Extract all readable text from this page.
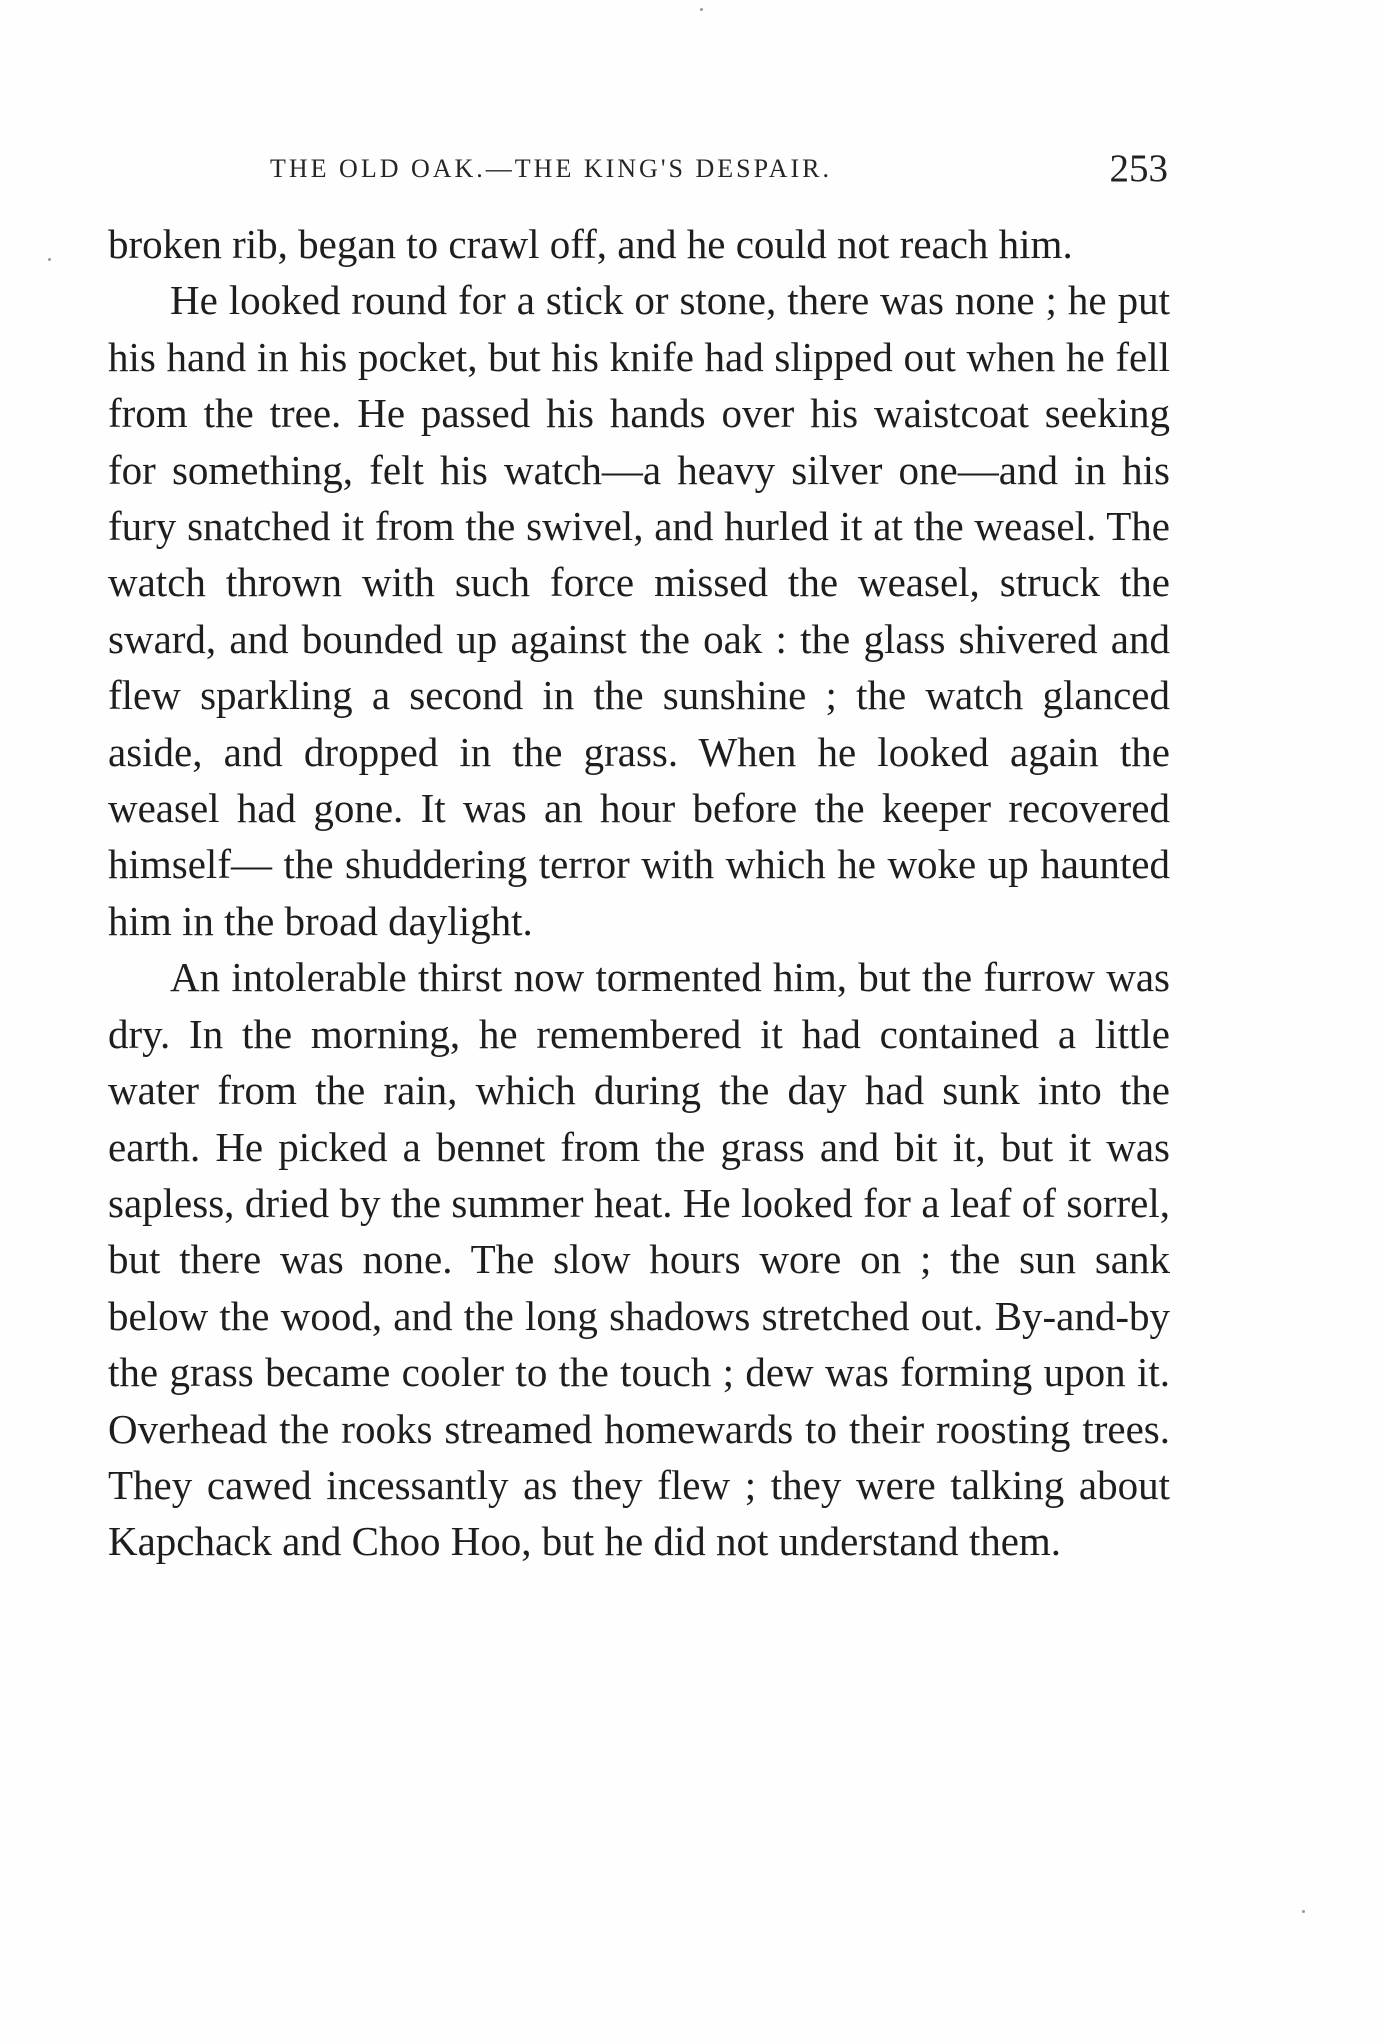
THE OLD OAK.—THE KING'S DESPAIR.	253

broken rib, began to crawl off, and he could not reach him.

He looked round for a stick or stone, there was none ; he put his hand in his pocket, but his knife had slipped out when he fell from the tree. He passed his hands over his waistcoat seeking for something, felt his watch—a heavy silver one—and in his fury snatched it from the swivel, and hurled it at the weasel. The watch thrown with such force missed the weasel, struck the sward, and bounded up against the oak : the glass shivered and flew sparkling a second in the sunshine ; the watch glanced aside, and dropped in the grass. When he looked again the weasel had gone. It was an hour before the keeper recovered himself— the shuddering terror with which he woke up haunted him in the broad daylight.

An intolerable thirst now tormented him, but the furrow was dry. In the morning, he remembered it had contained a little water from the rain, which during the day had sunk into the earth. He picked a bennet from the grass and bit it, but it was sapless, dried by the summer heat. He looked for a leaf of sorrel, but there was none. The slow hours wore on ; the sun sank below the wood, and the long shadows stretched out. By-and-by the grass became cooler to the touch ; dew was forming upon it. Overhead the rooks streamed homewards to their roosting trees. They cawed incessantly as they flew ; they were talking about Kapchack and Choo Hoo, but he did not understand them.
